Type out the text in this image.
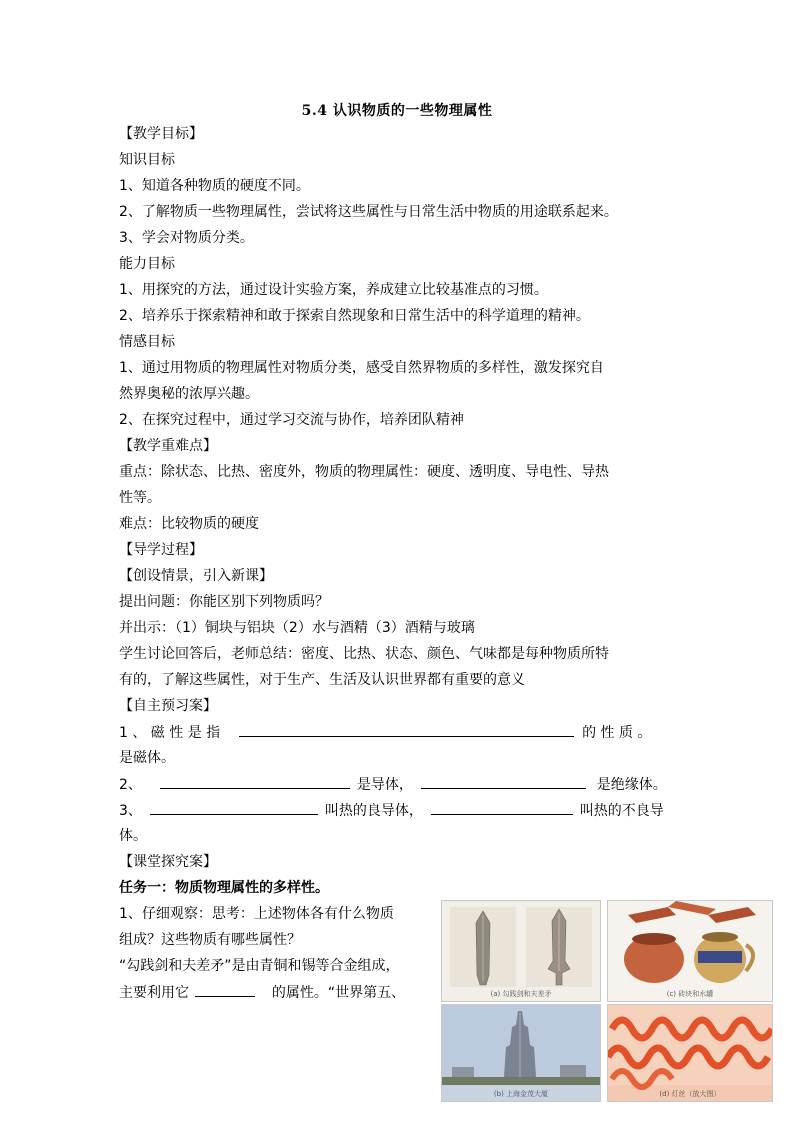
5.4 认识物质的一些物理属性
【教学目标】
知识目标
1、知道各种物质的硬度不同。
2、了解物质一些物理属性，尝试将这些属性与日常生活中物质的用途联系起来。
3、学会对物质分类。
能力目标
1、用探究的方法，通过设计实验方案，养成建立比较基准点的习惯。
2、培养乐于探索精神和敢于探索自然现象和日常生活中的科学道理的精神。
情感目标
1、通过用物质的物理属性对物质分类，感受自然界物质的多样性，激发探究自
然界奥秘的浓厚兴趣。
2、在探究过程中，通过学习交流与协作，培养团队精神
【教学重难点】
重点：除状态、比热、密度外，物质的物理属性：硬度、透明度、导电性、导热
性等。
难点：比较物质的硬度
【导学过程】
【创设情景，引入新课】
提出问题：你能区别下列物质吗？
并出示：（1）铜块与铝块（2）水与酒精（3）酒精与玻璃
学生讨论回答后，老师总结：密度、比热、状态、颜色、气味都是每种物质所特
有的，了解这些属性，对于生产、生活及认识世界都有重要的意义
【自主预习案】
1 、 磁 性 是 指	的 性 质 。
是磁体。
2、	是导体，	是绝缘体。
3、	叫热的良导体，	叫热的不良导
体。
【课堂探究案】
任务一：物质物理属性的多样性。
1、仔细观察：思考：上述物体各有什么物质
组成？这些物质有哪些属性？
“勾践剑和夫差矛”是由青铜和锡等合金组成，
主要利用它	的属性。“世界第五、	(a) 勾践剑和夫差矛	(c) 砖块和水罐
(b) 上海金茂大厦	(d) 灯丝（放大图）
